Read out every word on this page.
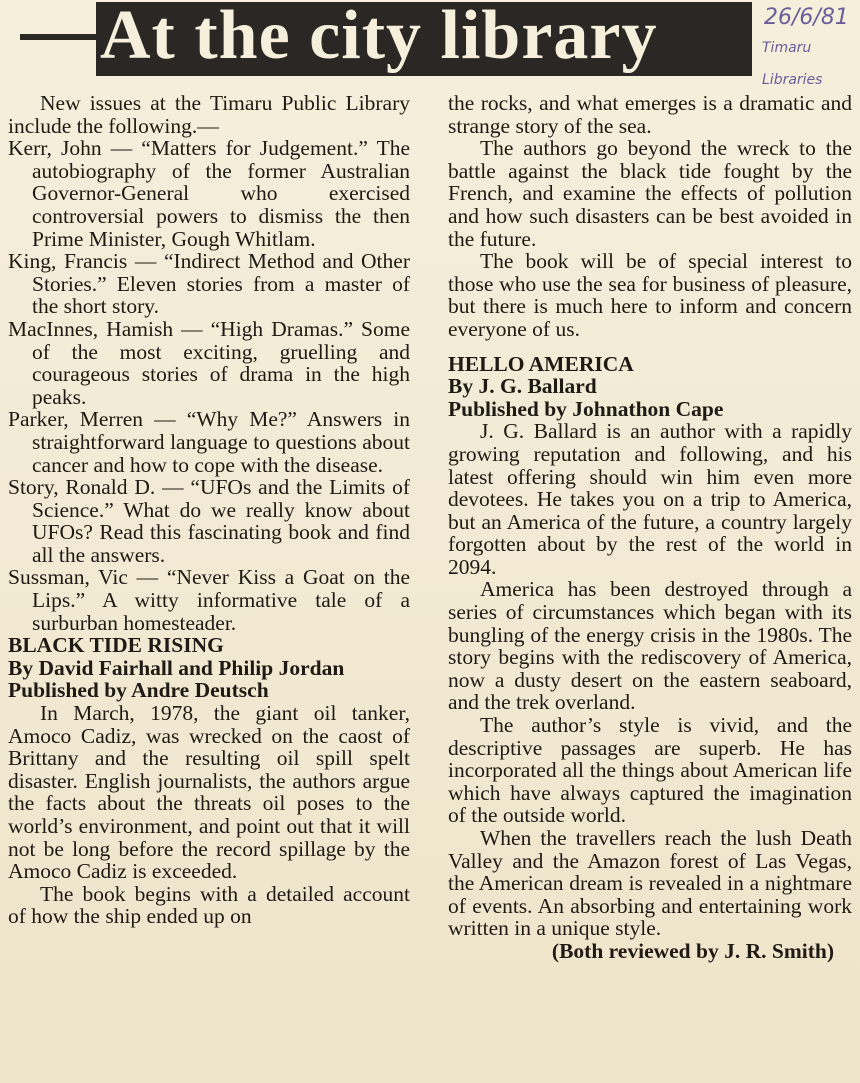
At the city library	26/6/81
Timaru
Libraries

New issues at the Timaru Public Library include the following.—

Kerr, John — “Matters for Judgement.” The autobiography of the former Australian Governor-General who exercised controversial powers to dismiss the then Prime Minister, Gough Whitlam.

King, Francis — “Indirect Method and Other Stories.” Eleven stories from a master of the short story.

MacInnes, Hamish — “High Dramas.” Some of the most exciting, gruelling and courageous stories of drama in the high peaks.

Parker, Merren — “Why Me?” Answers in straightforward language to questions about cancer and how to cope with the disease.

Story, Ronald D. — “UFOs and the Limits of Science.” What do we really know about UFOs? Read this fascinating book and find all the answers.

Sussman, Vic — “Never Kiss a Goat on the Lips.” A witty informative tale of a surburban homesteader.

BLACK TIDE RISING

By David Fairhall and Philip Jordan

Published by Andre Deutsch

In March, 1978, the giant oil tanker, Amoco Cadiz, was wrecked on the caost of Brittany and the resulting oil spill spelt disaster. English journalists, the authors argue the facts about the threats oil poses to the world’s environment, and point out that it will not be long before the record spillage by the Amoco Cadiz is exceeded.

The book begins with a detailed account of how the ship ended up on

the rocks, and what emerges is a dramatic and strange story of the sea.

The authors go beyond the wreck to the battle against the black tide fought by the French, and examine the effects of pollution and how such disasters can be best avoided in the future.

The book will be of special interest to those who use the sea for business of pleasure, but there is much here to inform and concern everyone of us.

HELLO AMERICA

By J. G. Ballard

Published by Johnathon Cape

J. G. Ballard is an author with a rapidly growing reputation and following, and his latest offering should win him even more devotees. He takes you on a trip to America, but an America of the future, a country largely forgotten about by the rest of the world in 2094.

America has been destroyed through a series of circumstances which began with its bungling of the energy crisis in the 1980s. The story begins with the rediscovery of America, now a dusty desert on the eastern seaboard, and the trek overland.

The author’s style is vivid, and the descriptive passages are superb. He has incorporated all the things about American life which have always captured the imagination of the outside world.

When the travellers reach the lush Death Valley and the Amazon forest of Las Vegas, the American dream is revealed in a nightmare of events. An absorbing and entertaining work written in a unique style.

(Both reviewed by J. R. Smith)
